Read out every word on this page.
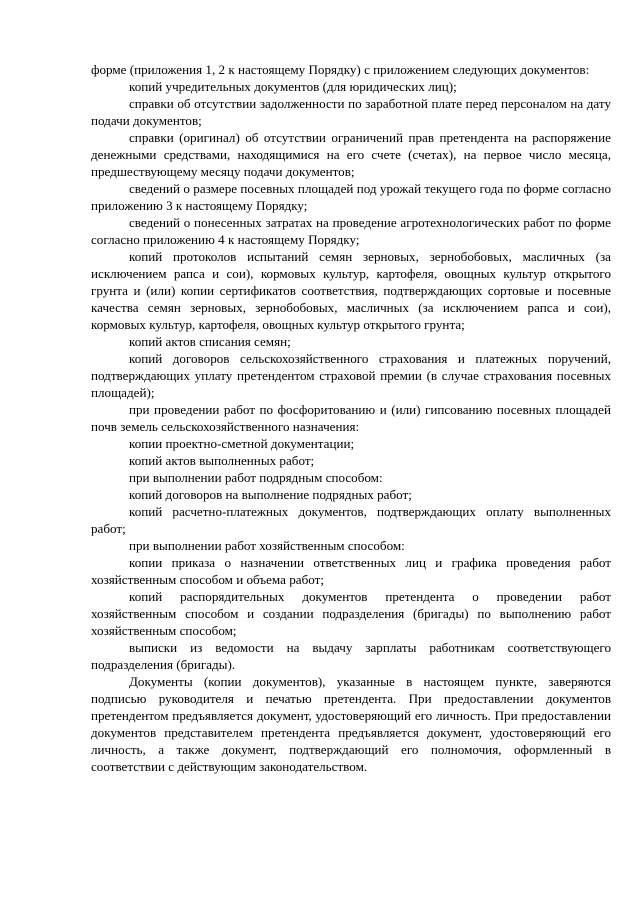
форме (приложения 1, 2 к настоящему Порядку) с приложением следующих документов:

копий учредительных документов (для юридических лиц);

справки об отсутствии задолженности по заработной плате перед персоналом на дату подачи документов;

справки (оригинал) об отсутствии ограничений прав претендента на распоряжение денежными средствами, находящимися на его счете (счетах), на первое число месяца, предшествующему месяцу подачи документов;

сведений о размере посевных площадей под урожай текущего года по форме согласно приложению 3 к настоящему Порядку;

сведений о понесенных затратах на проведение агротехнологических работ по форме согласно приложению 4 к настоящему Порядку;

копий протоколов испытаний семян зерновых, зернобобовых, масличных (за исключением рапса и сои), кормовых культур, картофеля, овощных культур открытого грунта и (или) копии сертификатов соответствия, подтверждающих сортовые и посевные качества семян зерновых, зернобобовых, масличных (за исключением рапса и сои), кормовых культур, картофеля, овощных культур открытого грунта;

копий актов списания семян;

копий договоров сельскохозяйственного страхования и платежных поручений, подтверждающих уплату претендентом страховой премии (в случае страхования посевных площадей);

при проведении работ по фосфоритованию и (или) гипсованию посевных площадей почв земель сельскохозяйственного назначения:

копии проектно-сметной документации;

копий актов выполненных работ;

при выполнении работ подрядным способом:

копий договоров на выполнение подрядных работ;

копий расчетно-платежных документов, подтверждающих оплату выполненных работ;

при выполнении работ хозяйственным способом:

копии приказа о назначении ответственных лиц и графика проведения работ хозяйственным способом и объема работ;

копий распорядительных документов претендента о проведении работ хозяйственным способом и создании подразделения (бригады) по выполнению работ хозяйственным способом;

выписки из ведомости на выдачу зарплаты работникам соответствующего подразделения (бригады).

Документы (копии документов), указанные в настоящем пункте, заверяются подписью руководителя и печатью претендента. При предоставлении документов претендентом предъявляется документ, удостоверяющий его личность. При предоставлении документов представителем претендента предъявляется документ, удостоверяющий его личность, а также документ, подтверждающий его полномочия, оформленный в соответствии с действующим законодательством.
